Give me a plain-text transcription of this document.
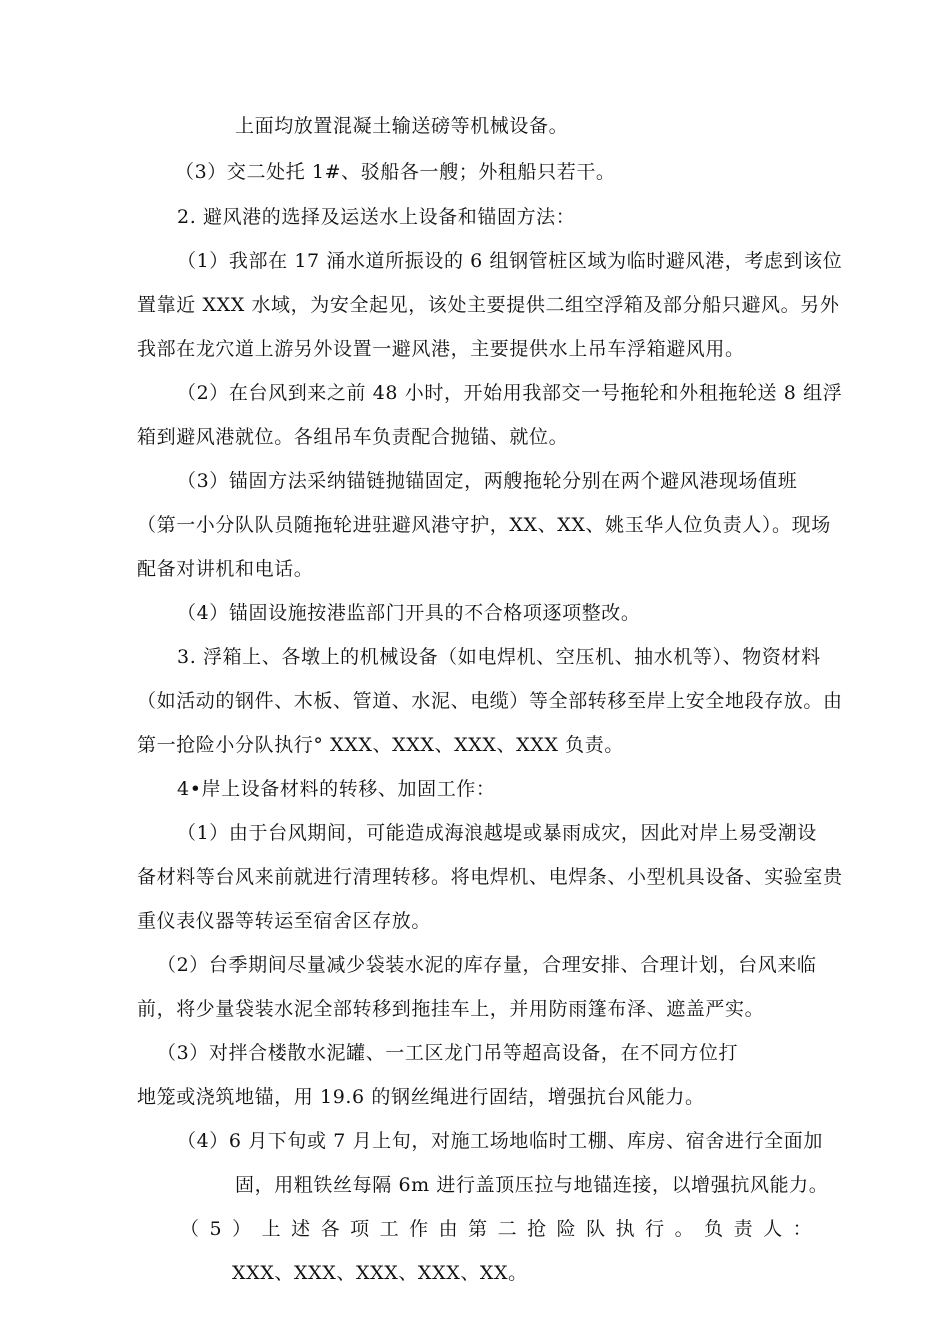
上面均放置混凝土输送磅等机械设备。
（3）交二处托 1#、驳船各一艘；外租船只若干。
2. 避风港的选择及运送水上设备和锚固方法：
（1）我部在 17 涌水道所振设的 6 组钢管桩区域为临时避风港，考虑到该位
置靠近 XXX 水域，为安全起见，该处主要提供二组空浮箱及部分船只避风。另外
我部在龙穴道上游另外设置一避风港，主要提供水上吊车浮箱避风用。
（2）在台风到来之前 48 小时，开始用我部交一号拖轮和外租拖轮送 8 组浮
箱到避风港就位。各组吊车负责配合抛锚、就位。
（3）锚固方法采纳锚链抛锚固定，两艘拖轮分别在两个避风港现场值班
（第一小分队队员随拖轮进驻避风港守护，XX、XX、姚玉华人位负责人）。现场
配备对讲机和电话。
（4）锚固设施按港监部门开具的不合格项逐项整改。
3. 浮箱上、各墩上的机械设备（如电焊机、空压机、抽水机等）、物资材料
（如活动的钢件、木板、管道、水泥、电缆）等全部转移至岸上安全地段存放。由
第一抢险小分队执行° XXX、XXX、XXX、XXX 负责。
4•岸上设备材料的转移、加固工作：
（1）由于台风期间，可能造成海浪越堤或暴雨成灾，因此对岸上易受潮设
备材料等台风来前就进行清理转移。将电焊机、电焊条、小型机具设备、实验室贵
重仪表仪器等转运至宿舍区存放。
（2）台季期间尽量减少袋装水泥的库存量，合理安排、合理计划，台风来临
前，将少量袋装水泥全部转移到拖挂车上，并用防雨篷布泽、遮盖严实。
（3）对拌合楼散水泥罐、一工区龙门吊等超高设备，在不同方位打
地笼或浇筑地锚，用 19.6 的钢丝绳进行固结，增强抗台风能力。
（4）6 月下旬或 7 月上旬，对施工场地临时工棚、库房、宿舍进行全面加
固，用粗铁丝每隔 6m 进行盖顶压拉与地锚连接，以增强抗风能力。
（5）上述各项工作由第二抢险队执行。负责人：
XXX、XXX、XXX、XXX、XX。
